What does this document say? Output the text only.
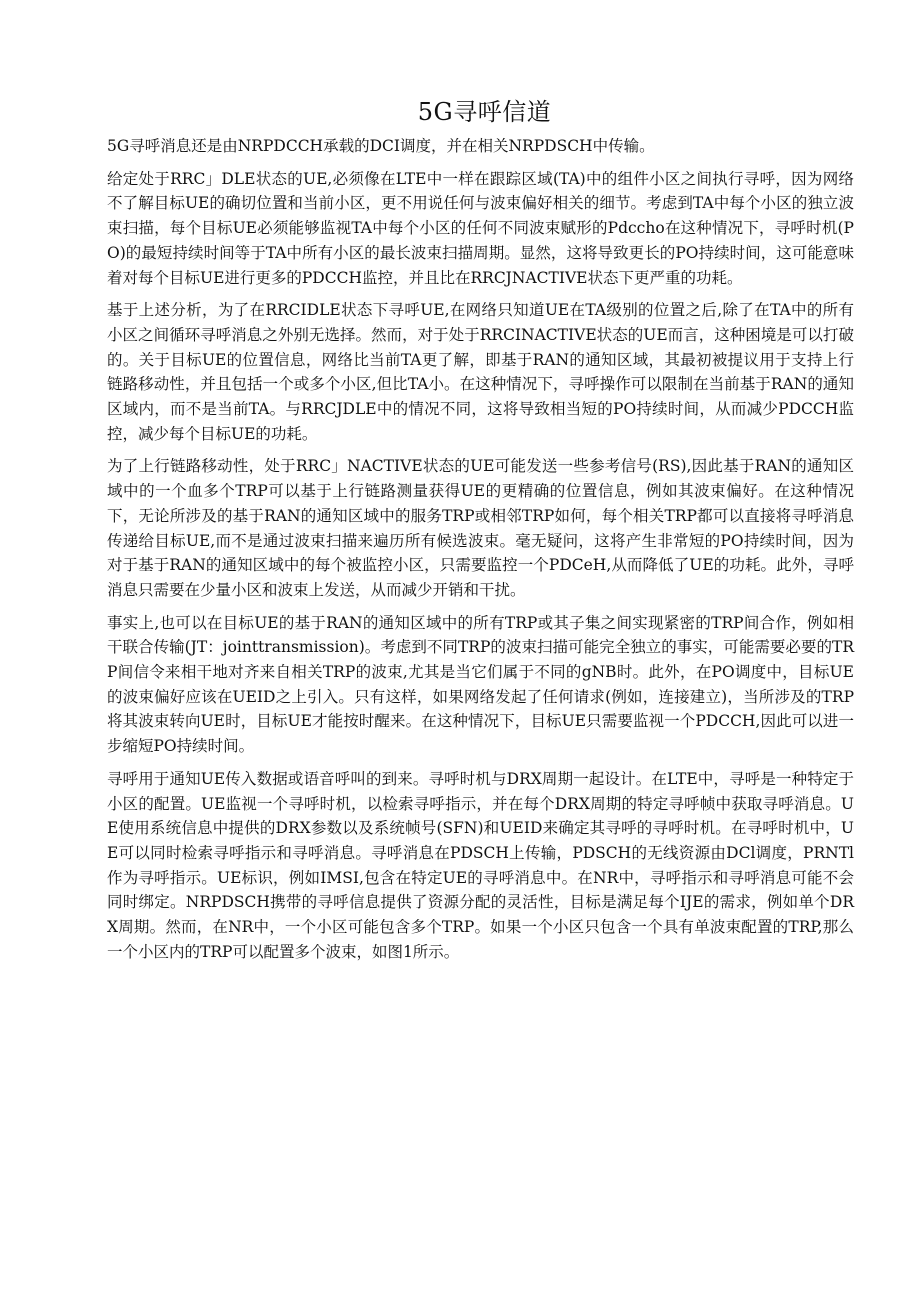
5G寻呼信道

5G寻呼消息还是由NRPDCCH承载的DCI调度，并在相关NRPDSCH中传输。

给定处于RRC」DLE状态的UE,必须像在LTE中一样在跟踪区域(TA)中的组件小区之间执行寻呼，因为网络不了解目标UE的确切位置和当前小区，更不用说任何与波束偏好相关的细节。考虑到TA中每个小区的独立波束扫描，每个目标UE必须能够监视TA中每个小区的任何不同波束赋形的Pdccho在这种情况下，寻呼时机(PO)的最短持续时间等于TA中所有小区的最长波束扫描周期。显然，这将导致更长的PO持续时间，这可能意味着对每个目标UE进行更多的PDCCH监控，并且比在RRCJNACTIVE状态下更严重的功耗。

基于上述分析，为了在RRCIDLE状态下寻呼UE,在网络只知道UE在TA级别的位置之后,除了在TA中的所有小区之间循环寻呼消息之外别无选择。然而，对于处于RRCINACTIVE状态的UE而言，这种困境是可以打破的。关于目标UE的位置信息，网络比当前TA更了解，即基于RAN的通知区域，其最初被提议用于支持上行链路移动性，并且包括一个或多个小区,但比TA小。在这种情况下，寻呼操作可以限制在当前基于RAN的通知区域内，而不是当前TA。与RRCJDLE中的情况不同，这将导致相当短的PO持续时间，从而减少PDCCH监控，减少每个目标UE的功耗。

为了上行链路移动性，处于RRC」NACTIVE状态的UE可能发送一些参考信号(RS),因此基于RAN的通知区域中的一个血多个TRP可以基于上行链路测量获得UE的更精确的位置信息，例如其波束偏好。在这种情况下，无论所涉及的基于RAN的通知区域中的服务TRP或相邻TRP如何，每个相关TRP都可以直接将寻呼消息传递给目标UE,而不是通过波束扫描来遍历所有候选波束。毫无疑问，这将产生非常短的PO持续时间，因为对于基于RAN的通知区域中的每个被监控小区，只需要监控一个PDCeH,从而降低了UE的功耗。此外，寻呼消息只需要在少量小区和波束上发送，从而减少开销和干扰。

事实上,也可以在目标UE的基于RAN的通知区域中的所有TRP或其子集之间实现紧密的TRP间合作，例如相干联合传输(JT：jointtransmission)。考虑到不同TRP的波束扫描可能完全独立的事实，可能需要必要的TRP间信令来相干地对齐来自相关TRP的波束,尤其是当它们属于不同的gNB时。此外，在PO调度中，目标UE的波束偏好应该在UEID之上引入。只有这样，如果网络发起了任何请求(例如，连接建立)，当所涉及的TRP将其波束转向UE时，目标UE才能按时醒来。在这种情况下，目标UE只需要监视一个PDCCH,因此可以进一步缩短PO持续时间。

寻呼用于通知UE传入数据或语音呼叫的到来。寻呼时机与DRX周期一起设计。在LTE中，寻呼是一种特定于小区的配置。UE监视一个寻呼时机，以检索寻呼指示，并在每个DRX周期的特定寻呼帧中获取寻呼消息。UE使用系统信息中提供的DRX参数以及系统帧号(SFN)和UEID来确定其寻呼的寻呼时机。在寻呼时机中，UE可以同时检索寻呼指示和寻呼消息。寻呼消息在PDSCH上传输，PDSCH的无线资源由DCl调度，PRNTl作为寻呼指示。UE标识，例如IMSI,包含在特定UE的寻呼消息中。在NR中，寻呼指示和寻呼消息可能不会同时绑定。NRPDSCH携带的寻呼信息提供了资源分配的灵活性，目标是满足每个IJE的需求，例如单个DRX周期。然而，在NR中，一个小区可能包含多个TRP。如果一个小区只包含一个具有单波束配置的TRP,那么一个小区内的TRP可以配置多个波束，如图1所示。
